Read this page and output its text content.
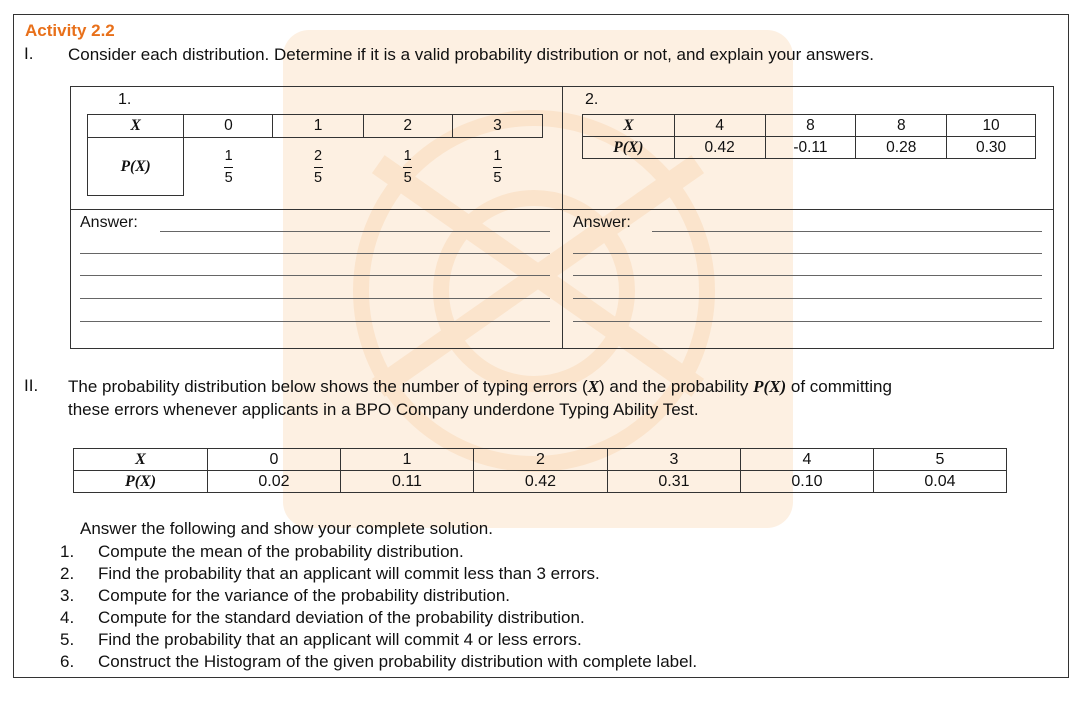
Activity 2.2
I. Consider each distribution. Determine if it is a valid probability distribution or not, and explain your answers.
1.	2.
X	0	1	2	3
P(X)	$\frac{1}{5}$	$\frac{2}{5}$	$\frac{1}{5}$	$\frac{1}{5}$
X	4	8	8	10
P(X)	0.42	-0.11	0.28	0.30
Answer:	Answer:
II. The probability distribution below shows the number of typing errors (X) and the probability P(X) of committing
these errors whenever applicants in a BPO Company underdone Typing Ability Test.
X	0	1	2	3	4	5
P(X)	0.02	0.11	0.42	0.31	0.10	0.04
Answer the following and show your complete solution.
1.	Compute the mean of the probability distribution.
2.	Find the probability that an applicant will commit less than 3 errors.
3.	Compute for the variance of the probability distribution.
4.	Compute for the standard deviation of the probability distribution.
5.	Find the probability that an applicant will commit 4 or less errors.
6.	Construct the Histogram of the given probability distribution with complete label.
